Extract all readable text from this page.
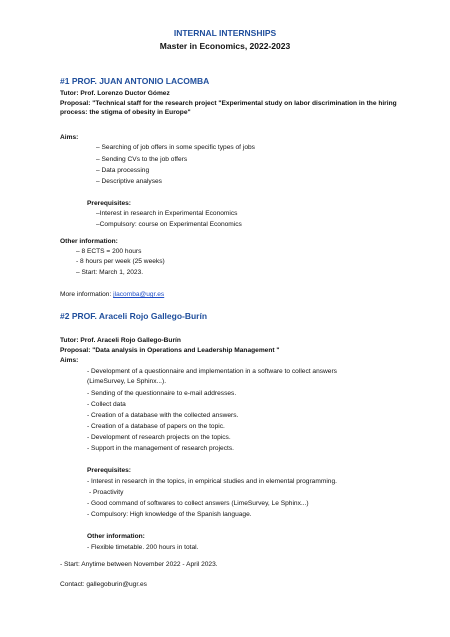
INTERNAL INTERNSHIPS
Master in Economics, 2022-2023
#1 PROF. JUAN ANTONIO LACOMBA
Tutor: Prof. Lorenzo Ductor Gómez
Proposal: "Technical staff for the research project "Experimental study on labor discrimination in the hiring process: the stigma of obesity in Europe"
Aims:
– Searching of job offers in some specific types of jobs
– Sending CVs to the job offers
– Data processing
– Descriptive analyses
Prerequisites:
–Interest in research in Experimental Economics
–Compulsory: course on Experimental Economics
Other information:
– 8 ECTS = 200 hours
- 8 hours per week (25 weeks)
– Start: March 1, 2023.
More information: jlacomba@ugr.es
#2 PROF. Araceli Rojo Gallego-Burín
Tutor: Prof. Araceli Rojo Gallego-Burín
Proposal: "Data analysis in Operations and Leadership Management "
Aims:
- Development of a questionnaire and implementation in a software to collect answers
(LimeSurvey, Le Sphinx...).
- Sending of the questionnaire to e-mail addresses.
- Collect data
- Creation of a database with the collected answers.
- Creation of a database of papers on the topic.
- Development of research projects on the topics.
- Support in the management of research projects.
Prerequisites:
- Interest in research in the topics, in empirical studies and in elemental programming.
- Proactivity
- Good command of softwares to collect answers (LimeSurvey, Le Sphinx...)
- Compulsory: High knowledge of the Spanish language.
Other information:
- Flexible timetable. 200 hours in total.
- Start: Anytime between November 2022 - April 2023.
Contact: gallegoburin@ugr.es
